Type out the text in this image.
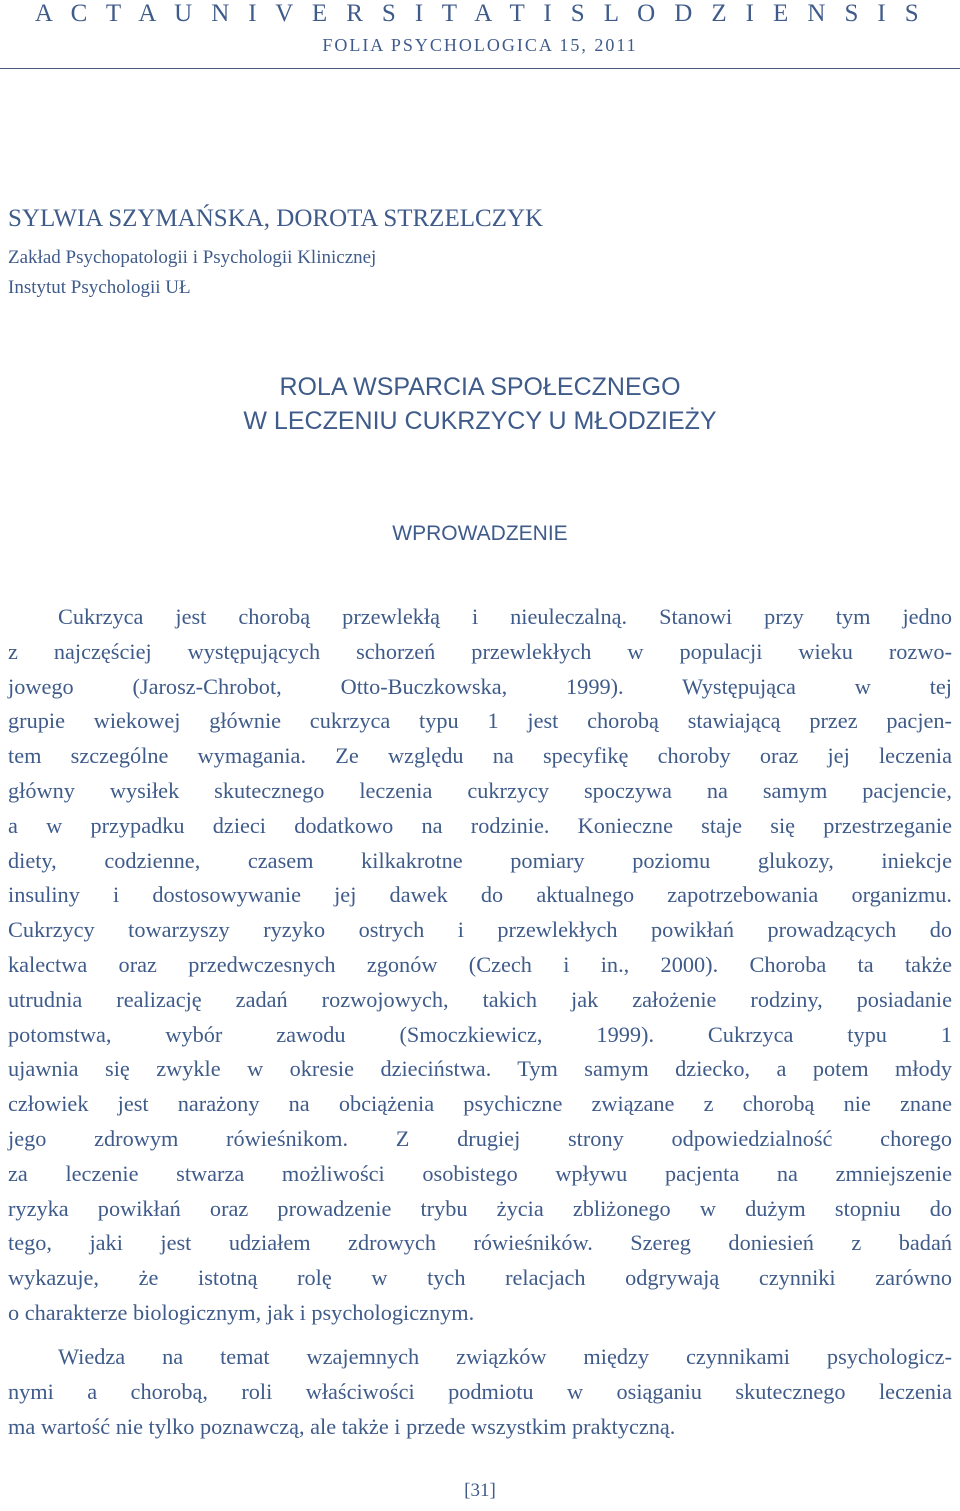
A C T A U N I V E R S I T A T I S L O D Z I E N S I S
FOLIA PSYCHOLOGICA 15, 2011
SYLWIA SZYMAŃSKA, DOROTA STRZELCZYK
Zakład Psychopatologii i Psychologii Klinicznej
Instytut Psychologii UŁ
ROLA WSPARCIA SPOŁECZNEGO
W LECZENIU CUKRZYCY U MŁODZIEŻY
WPROWADZENIE
Cukrzyca jest chorobą przewlekłą i nieuleczalną. Stanowi przy tym jedno
z najczęściej występujących schorzeń przewlekłych w populacji wieku rozwo-
jowego (Jarosz-Chrobot, Otto-Buczkowska, 1999). Występująca w tej
grupie wiekowej głównie cukrzyca typu 1 jest chorobą stawiającą przez pacjen-
tem szczególne wymagania. Ze względu na specyfikę choroby oraz jej leczenia
główny wysiłek skutecznego leczenia cukrzycy spoczywa na samym pacjencie,
a w przypadku dzieci dodatkowo na rodzinie. Konieczne staje się przestrzeganie
diety, codzienne, czasem kilkakrotne pomiary poziomu glukozy, iniekcje
insuliny i dostosowywanie jej dawek do aktualnego zapotrzebowania organizmu.
Cukrzycy towarzyszy ryzyko ostrych i przewlekłych powikłań prowadzących do
kalectwa oraz przedwczesnych zgonów (Czech i in., 2000). Choroba ta także
utrudnia realizację zadań rozwojowych, takich jak założenie rodziny, posiadanie
potomstwa, wybór zawodu (Smoczkiewicz, 1999). Cukrzyca typu 1
ujawnia się zwykle w okresie dzieciństwa. Tym samym dziecko, a potem młody
człowiek jest narażony na obciążenia psychiczne związane z chorobą nie znane
jego zdrowym rówieśnikom. Z drugiej strony odpowiedzialność chorego
za leczenie stwarza możliwości osobistego wpływu pacjenta na zmniejszenie
ryzyka powikłań oraz prowadzenie trybu życia zbliżonego w dużym stopniu do
tego, jaki jest udziałem zdrowych rówieśników. Szereg doniesień z badań
wykazuje, że istotną rolę w tych relacjach odgrywają czynniki zarówno
o charakterze biologicznym, jak i psychologicznym.
Wiedza na temat wzajemnych związków między czynnikami psychologicz-
nymi a chorobą, roli właściwości podmiotu w osiąganiu skutecznego leczenia
ma wartość nie tylko poznawczą, ale także i przede wszystkim praktyczną.
[31]
